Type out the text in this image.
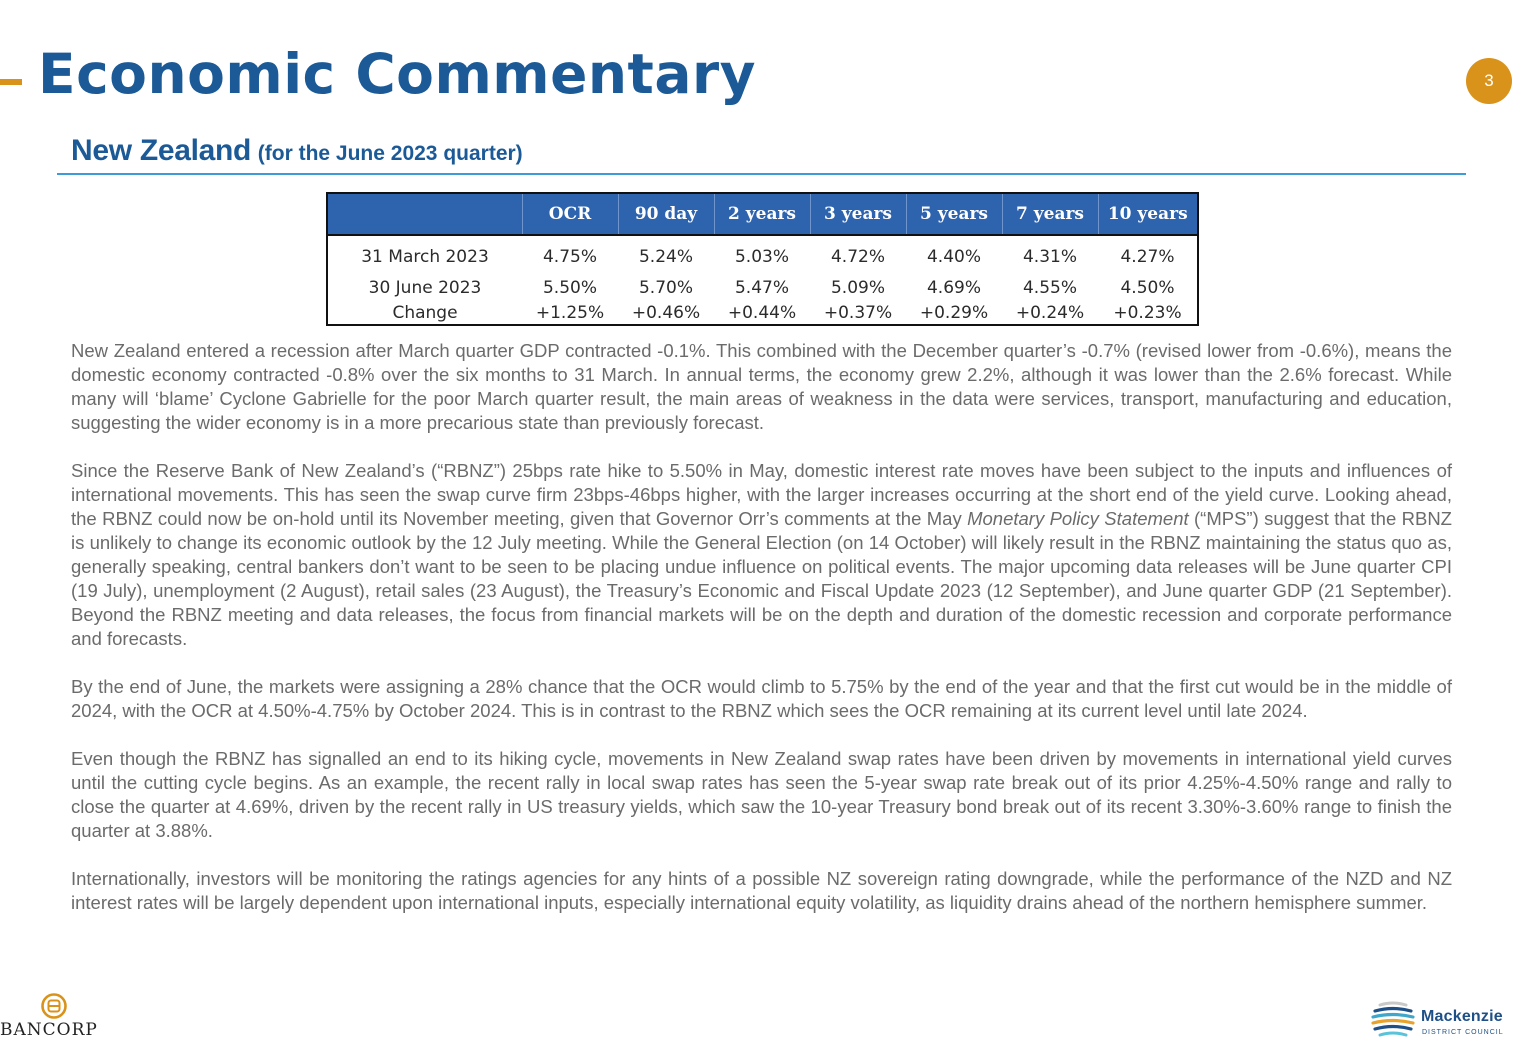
Economic Commentary	3
New Zealand (for the June 2023 quarter)
	OCR	90 day	2 years	3 years	5 years	7 years	10 years
31 March 2023	4.75%	5.24%	5.03%	4.72%	4.40%	4.31%	4.27%
30 June 2023	5.50%	5.70%	5.47%	5.09%	4.69%	4.55%	4.50%
Change	+1.25%	+0.46%	+0.44%	+0.37%	+0.29%	+0.24%	+0.23%

New Zealand entered a recession after March quarter GDP contracted -0.1%. This combined with the December quarter’s -0.7% (revised lower from -0.6%), means the domestic economy contracted -0.8% over the six months to 31 March. In annual terms, the economy grew 2.2%, although it was lower than the 2.6% forecast. While many will ‘blame’ Cyclone Gabrielle for the poor March quarter result, the main areas of weakness in the data were services, transport, manufacturing and education, suggesting the wider economy is in a more precarious state than previously forecast.

Since the Reserve Bank of New Zealand’s (“RBNZ”) 25bps rate hike to 5.50% in May, domestic interest rate moves have been subject to the inputs and influences of international movements. This has seen the swap curve firm 23bps-46bps higher, with the larger increases occurring at the short end of the yield curve. Looking ahead, the RBNZ could now be on-hold until its November meeting, given that Governor Orr’s comments at the May Monetary Policy Statement (“MPS”) suggest that the RBNZ is unlikely to change its economic outlook by the 12 July meeting. While the General Election (on 14 October) will likely result in the RBNZ maintaining the status quo as, generally speaking, central bankers don’t want to be seen to be placing undue influence on political events. The major upcoming data releases will be June quarter CPI (19 July), unemployment (2 August), retail sales (23 August), the Treasury’s Economic and Fiscal Update 2023 (12 September), and June quarter GDP (21 September). Beyond the RBNZ meeting and data releases, the focus from financial markets will be on the depth and duration of the domestic recession and corporate performance and forecasts.

By the end of June, the markets were assigning a 28% chance that the OCR would climb to 5.75% by the end of the year and that the first cut would be in the middle of 2024, with the OCR at 4.50%-4.75% by October 2024. This is in contrast to the RBNZ which sees the OCR remaining at its current level until late 2024.

Even though the RBNZ has signalled an end to its hiking cycle, movements in New Zealand swap rates have been driven by movements in international yield curves until the cutting cycle begins. As an example, the recent rally in local swap rates has seen the 5-year swap rate break out of its prior 4.25%-4.50% range and rally to close the quarter at 4.69%, driven by the recent rally in US treasury yields, which saw the 10-year Treasury bond break out of its recent 3.30%-3.60% range to finish the quarter at 3.88%.

Internationally, investors will be monitoring the ratings agencies for any hints of a possible NZ sovereign rating downgrade, while the performance of the NZD and NZ interest rates will be largely dependent upon international inputs, especially international equity volatility, as liquidity drains ahead of the northern hemisphere summer.

BANCORP
Mackenzie
DISTRICT COUNCIL
